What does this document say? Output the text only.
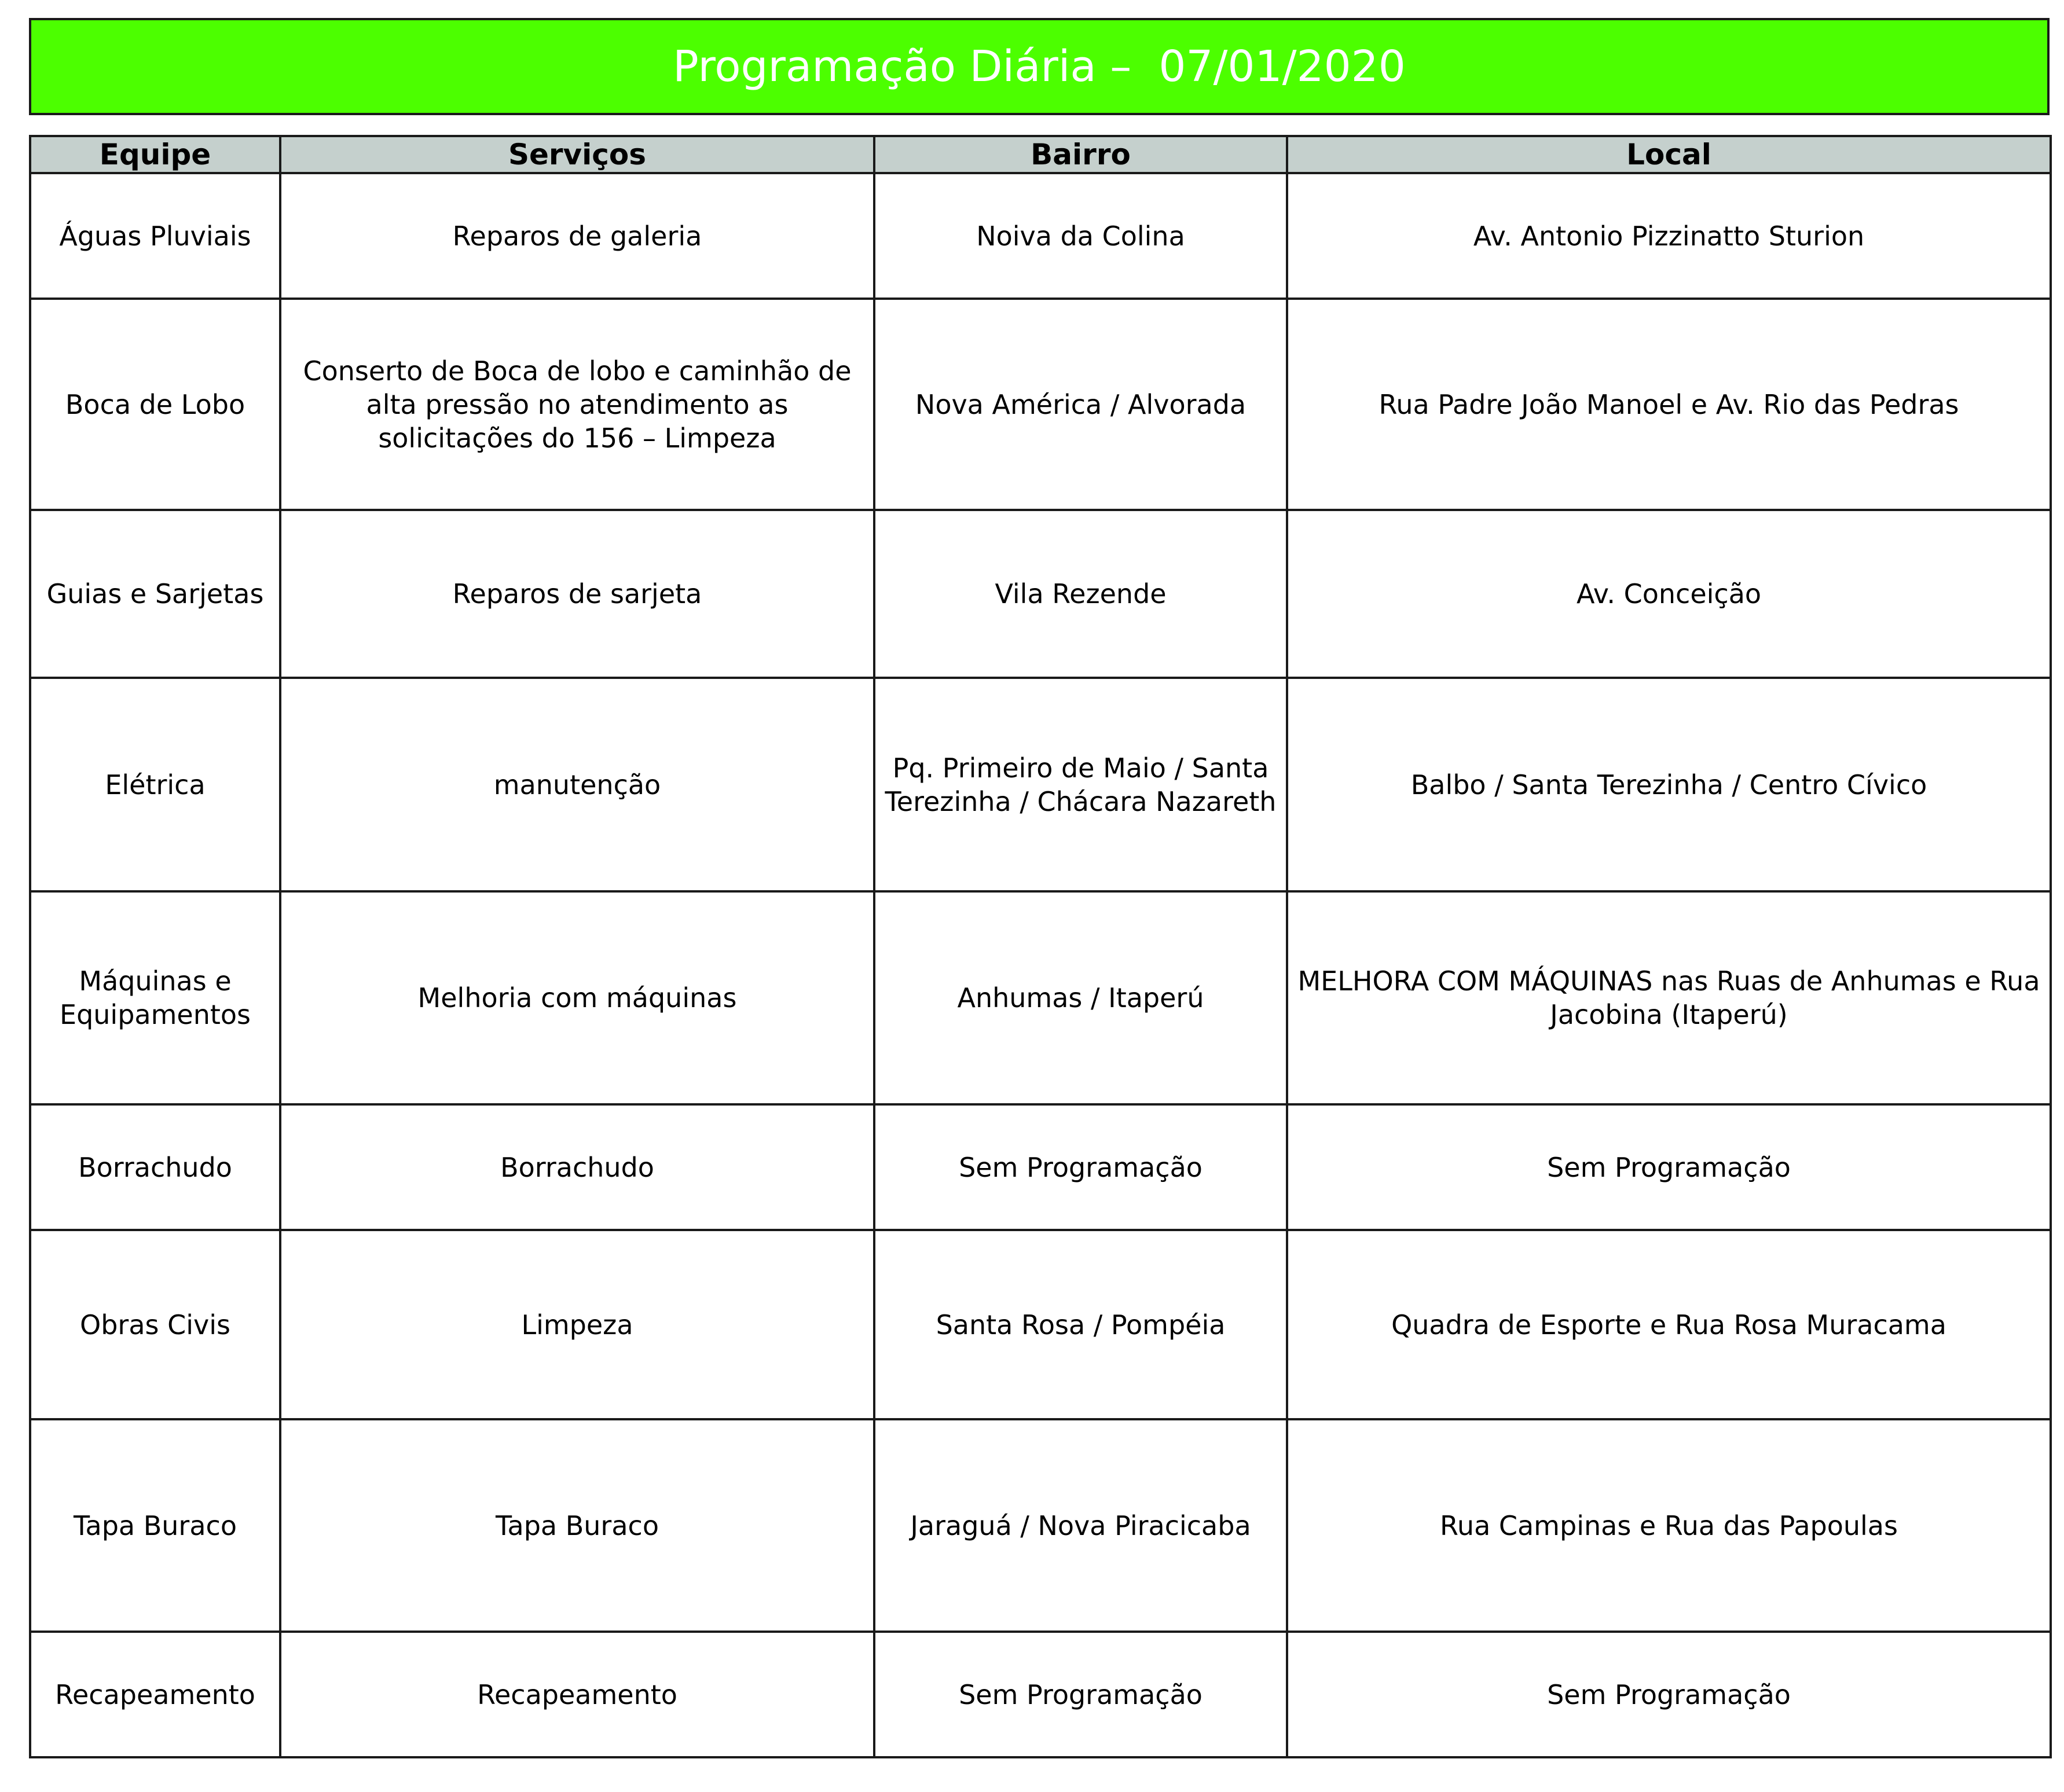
Programação Diária –  07/01/2020
Equipe	Serviços	Bairro	Local
Águas Pluviais	Reparos de galeria	Noiva da Colina	Av. Antonio Pizzinatto Sturion
Boca de Lobo	Conserto de Boca de lobo e caminhão de alta pressão no atendimento as solicitações do 156 – Limpeza	Nova América / Alvorada	Rua Padre João Manoel e Av. Rio das Pedras
Guias e Sarjetas	Reparos de sarjeta	Vila Rezende	Av. Conceição
Elétrica	manutenção	Pq. Primeiro de Maio / Santa Terezinha / Chácara Nazareth	Balbo / Santa Terezinha / Centro Cívico
Máquinas e Equipamentos	Melhoria com máquinas	Anhumas / Itaperú	MELHORA COM MÁQUINAS nas Ruas de Anhumas e Rua Jacobina (Itaperú)
Borrachudo	Borrachudo	Sem Programação	Sem Programação
Obras Civis	Limpeza	Santa Rosa / Pompéia	Quadra de Esporte e Rua Rosa Muracama
Tapa Buraco	Tapa Buraco	Jaraguá / Nova Piracicaba	Rua Campinas e Rua das Papoulas
Recapeamento	Recapeamento	Sem Programação	Sem Programação
